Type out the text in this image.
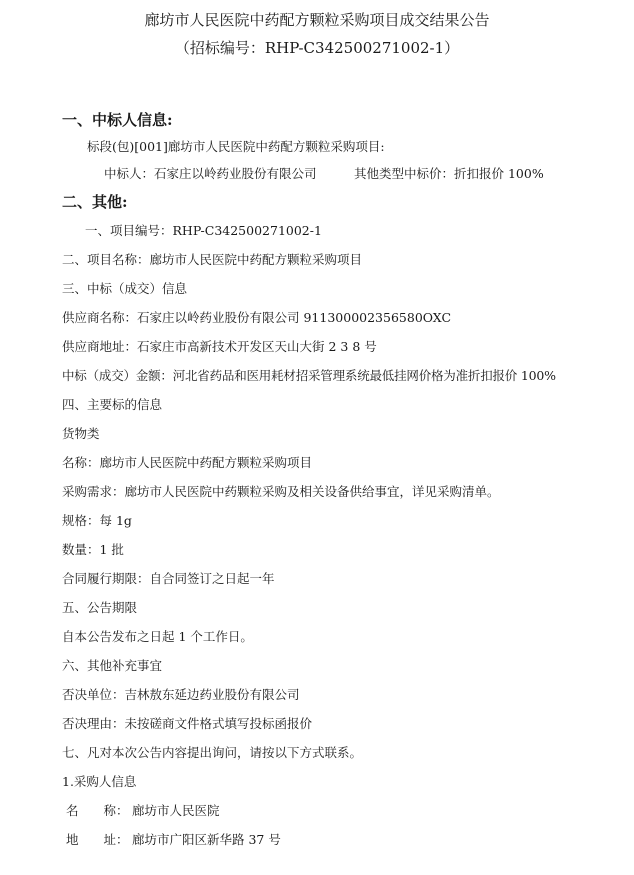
廊坊市人民医院中药配方颗粒采购项目成交结果公告
（招标编号：RHP-C342500271002-1）
一、中标人信息:
标段(包)[001]廊坊市人民医院中药配方颗粒采购项目:
中标人：石家庄以岭药业股份有限公司	其他类型中标价：折扣报价 100%
二、其他:
一、项目编号：RHP-C342500271002-1
二、项目名称：廊坊市人民医院中药配方颗粒采购项目
三、中标（成交）信息
供应商名称：石家庄以岭药业股份有限公司 911300002356580OXC
供应商地址：石家庄市高新技术开发区天山大街 2 3 8 号
中标（成交）金额：河北省药品和医用耗材招采管理系统最低挂网价格为准折扣报价 100%
四、主要标的信息
货物类
名称：廊坊市人民医院中药配方颗粒采购项目
采购需求：廊坊市人民医院中药颗粒采购及相关设备供给事宜，详见采购清单。
规格：每 1g
数量：1 批
合同履行期限：自合同签订之日起一年
五、公告期限
自本公告发布之日起 1 个工作日。
六、其他补充事宜
否决单位：吉林敖东延边药业股份有限公司
否决理由：未按磋商文件格式填写投标函报价
七、凡对本次公告内容提出询问，请按以下方式联系。
1.采购人信息
名　　称： 廊坊市人民医院
地　　址： 廊坊市广阳区新华路 37 号
